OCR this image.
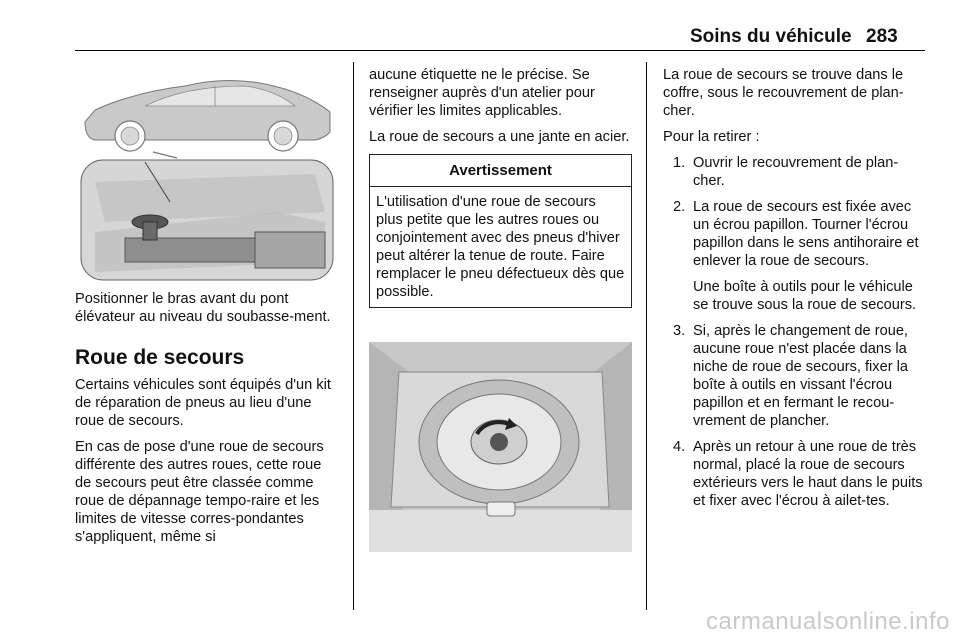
Soins du véhicule 283

Positionner le bras avant du pont élévateur au niveau du soubasse-ment.

Roue de secours

Certains véhicules sont équipés d'un kit de réparation de pneus au lieu d'une roue de secours.

En cas de pose d'une roue de secours différente des autres roues, cette roue de secours peut être classée comme roue de dépannage tempo-raire et les limites de vitesse corres-pondantes s'appliquent, même si

aucune étiquette ne le précise. Se renseigner auprès d'un atelier pour vérifier les limites applicables.

La roue de secours a une jante en acier.

Avertissement
L'utilisation d'une roue de secours plus petite que les autres roues ou conjointement avec des pneus d'hiver peut altérer la tenue de route. Faire remplacer le pneu défectueux dès que possible.

La roue de secours se trouve dans le coffre, sous le recouvrement de plan-cher.

Pour la retirer :

1. Ouvrir le recouvrement de plan-cher.

2. La roue de secours est fixée avec un écrou papillon. Tourner l'écrou papillon dans le sens antihoraire et enlever la roue de secours.

Une boîte à outils pour le véhicule se trouve sous la roue de secours.

3. Si, après le changement de roue, aucune roue n'est placée dans la niche de roue de secours, fixer la boîte à outils en vissant l'écrou papillon et en fermant le recou-vrement de plancher.

4. Après un retour à une roue de très normal, placé la roue de secours extérieurs vers le haut dans le puits et fixer avec l'écrou à ailet-tes.

carmanualsonline.info
